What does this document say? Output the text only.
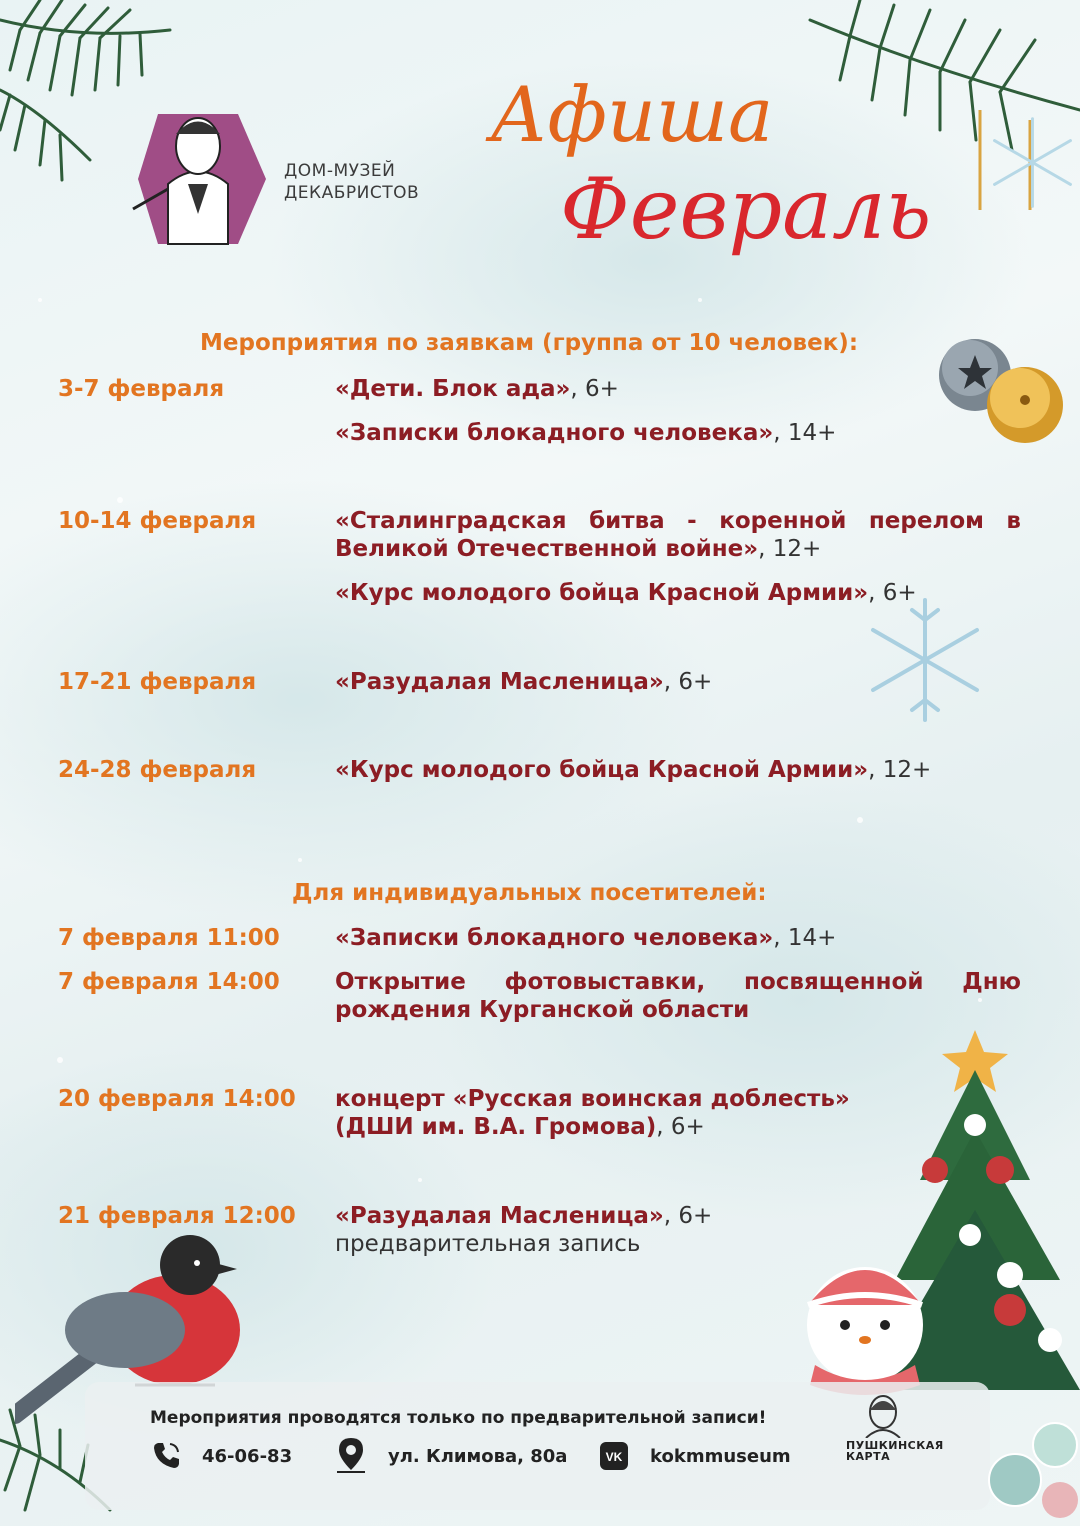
ДОМ-МУЗЕЙ
ДЕКАБРИСТОВ
Афиша
Февраль
Мероприятия по заявкам (группа от 10 человек):
3-7 февраля	«Дети. Блок ада», 6+
«Записки блокадного человека», 14+
10-14 февраля	«Сталинградская битва - коренной перелом в Великой Отечественной войне», 12+
«Курс молодого бойца Красной Армии», 6+
17-21 февраля	«Разудалая Масленица», 6+
24-28 февраля	«Курс молодого бойца Красной Армии», 12+
Для индивидуальных посетителей:
7 февраля 11:00 «Записки блокадного человека», 14+
7 февраля 14:00 Открытие фотовыставки, посвященной Дню рождения Курганской области
20 февраля 14:00 концерт «Русская воинская доблесть» (ДШИ им. В.А. Громова), 6+
21 февраля 12:00 «Разудалая Масленица», 6+
предварительная запись
Мероприятия проводятся только по предварительной записи!
46-06-83	ул. Климова, 80а	VK kokmmuseum
ПУШКИНСКАЯ КАРТА
